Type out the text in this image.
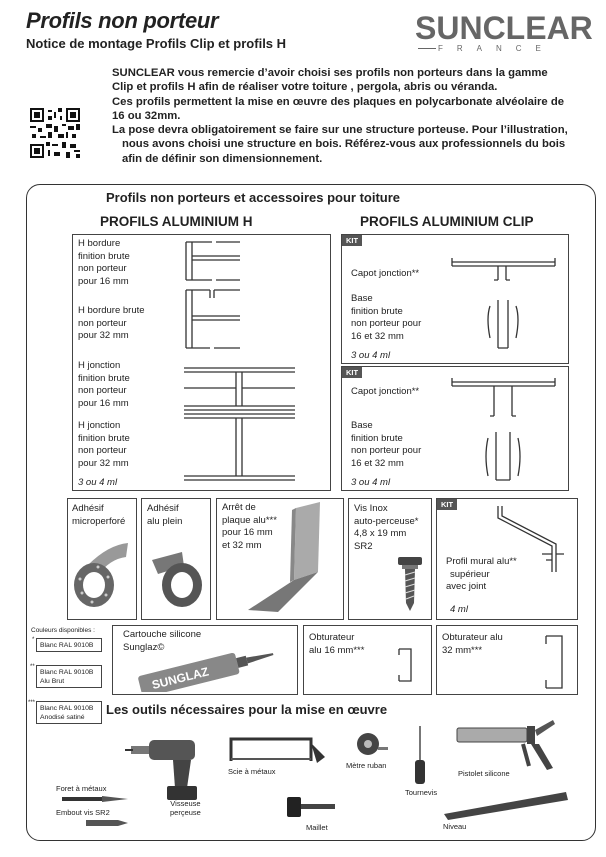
Profils non porteur
Notice de montage Profils Clip et profils H	SUNCLEAR
FRANCE
SUNCLEAR vous remercie d’avoir choisi ses profils non porteurs dans la gamme
Clip et profils H afin de réaliser votre toiture , pergola, abris ou véranda.
Ces profils permettent la mise en œuvre des plaques en polycarbonate alvéolaire de
16 ou 32mm.
La pose devra obligatoirement se faire sur une structure porteuse. Pour l’illustration,
nous avons choisi une structure en bois. Référez-vous aux professionnels du bois
afin de définir son dimensionnement.
Profils non porteurs et accessoires pour toiture
PROFILS ALUMINIUM H	PROFILS ALUMINIUM CLIP
H bordure
finition brute
non porteur
pour 16 mm
H bordure brute
non porteur
pour 32 mm
H jonction
finition brute
non porteur
pour 16 mm
H jonction
finition brute
non porteur
pour 32 mm
3 ou 4 ml
KIT
Capot jonction**
Base
finition brute
non porteur pour
16 et 32 mm
3 ou 4 ml
KIT
Capot jonction**
Base
finition brute
non porteur pour
16 et 32 mm
3 ou 4 ml
Adhésif
microperforé
Adhésif
alu plein
Arrêt de
plaque alu***
pour 16 mm
et 32 mm
Vis Inox
auto-perceuse*
4,8 x 19 mm
SR2
KIT
Profil mural alu**
supérieur
avec joint
4 ml
Couleurs disponibles :
*
Blanc RAL 9010B
**
Blanc RAL 9010B
Alu Brut
***
Blanc RAL 9010B
Anodisé satiné
Cartouche silicone
Sunglaz©
SUNGLAZ
Obturateur
alu 16 mm***
Obturateur alu
32 mm***
Les outils nécessaires pour la mise en œuvre
Visseuse
perçeuse
Scie à métaux
Mètre ruban
Tournevis
Pistolet silicone
Foret à métaux
Embout vis SR2
Maillet	Niveau
